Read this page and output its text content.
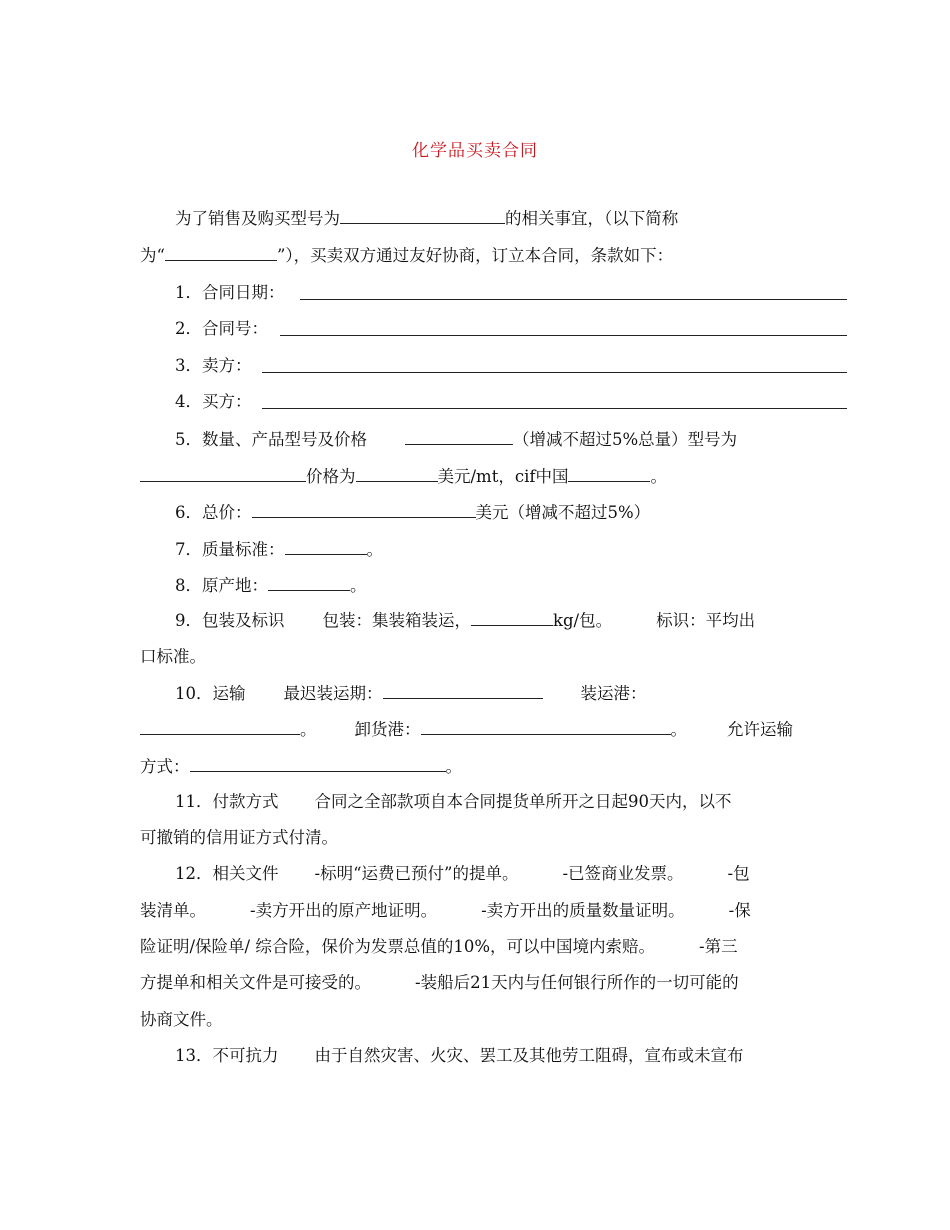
化学品买卖合同
为了销售及购买型号为	的相关事宜，（以下简称
为“	”），买卖双方通过友好协商，订立本合同，条款如下：
1．合同日期：
2．合同号：
3．卖方：
4．买方：
5．数量、产品型号及价格	（增减不超过5%总量）型号为
价格为	美元/mt，cif中国	。
6．总价：	美元（增减不超过5%）
7．质量标准：	。
8．原产地：	。
9．包装及标识 包装：集装箱装运，	kg/包。	标识：平均出
口标准。
10．运输 最迟装运期：	装运港：
。 卸货港：	。 允许运输
方式：	。
11．付款方式 合同之全部款项自本合同提货单所开之日起90天内，以不
可撤销的信用证方式付清。
12．相关文件 -标明“运费已预付”的提单。	-已签商业发票。	-包
装清单。	-卖方开出的原产地证明。	-卖方开出的质量数量证明。	-保
险证明/保险单/ 综合险，保价为发票总值的10%，可以中国境内索赔。	-第三
方提单和相关文件是可接受的。	-装船后21天内与任何银行所作的一切可能的
协商文件。
13．不可抗力 由于自然灾害、火灾、罢工及其他劳工阻碍，宣布或未宣布
